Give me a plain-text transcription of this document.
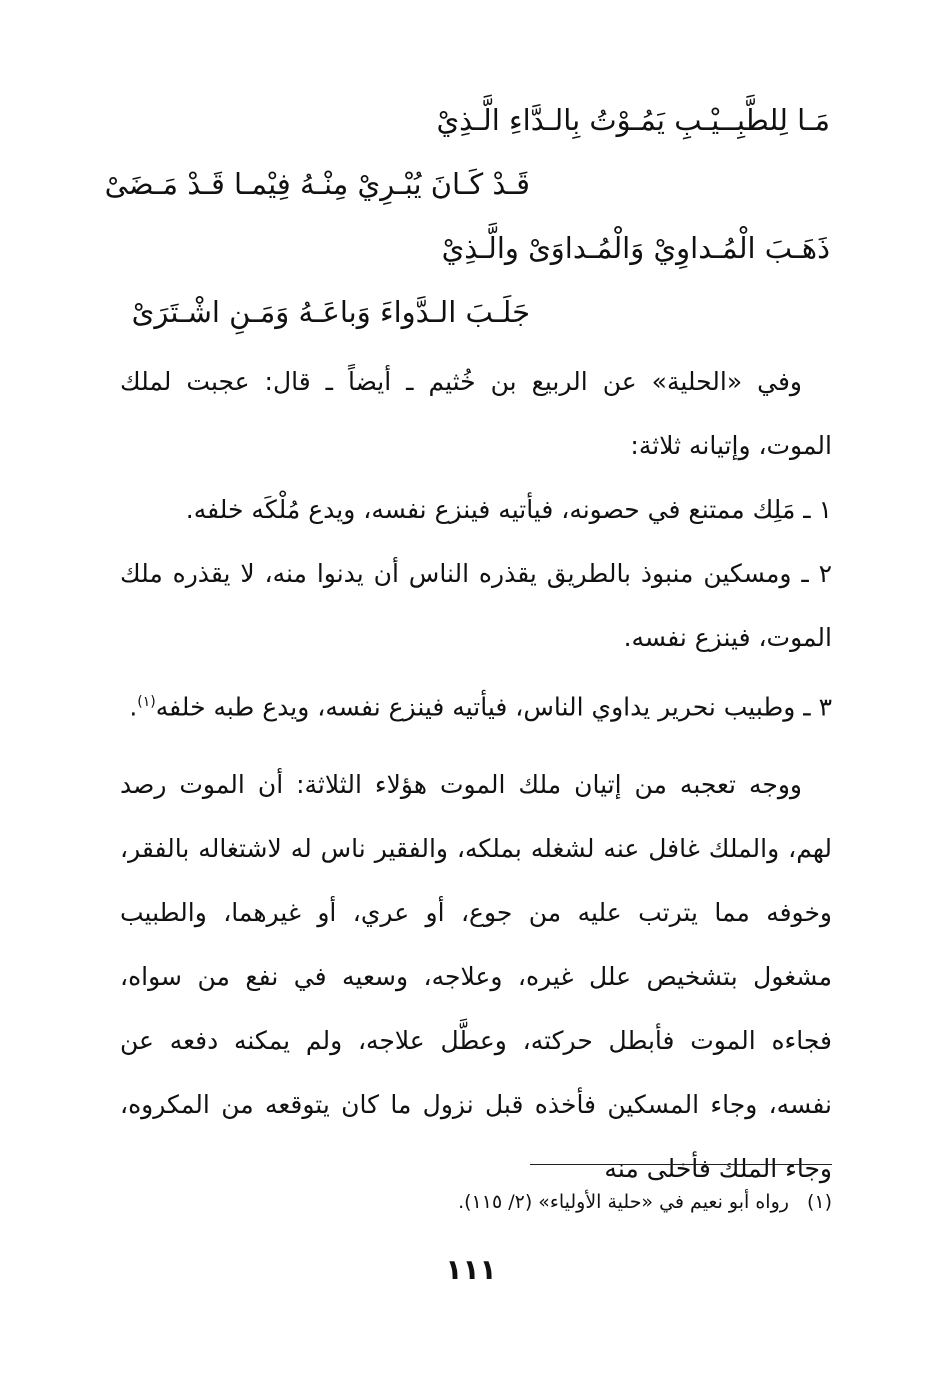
مَـا لِلطَّبِــيْـبِ يَمُـوْتُ بِالـدَّاءِ الَّـذِيْ
قَـدْ كَـانَ يُبْـرِيْ مِنْـهُ فِيْمـا قَـدْ مَـضَىْ
ذَهَـبَ الْمُـداوِيْ وَالْمُـداوَىْ والَّـذِيْ
جَلَـبَ الـدَّواءَ وَباعَـهُ وَمَـنِ اشْـتَرَىْ

وفي «الحلية» عن الربيع بن خُثيم ـ أيضاً ـ قال: عجبت لملك الموت، وإتيانه ثلاثة:

١ ـ مَلِك ممتنع في حصونه، فيأتيه فينزع نفسه، ويدع مُلْكَه خلفه.

٢ ـ ومسكين منبوذ بالطريق يقذره الناس أن يدنوا منه، لا يقذره ملك الموت، فينزع نفسه.

٣ ـ وطبيب نحرير يداوي الناس، فيأتيه فينزع نفسه، ويدع طبه خلفه$^{(١)}$.

ووجه تعجبه من إتيان ملك الموت هؤلاء الثلاثة: أن الموت رصد لهم، والملك غافل عنه لشغله بملكه، والفقير ناس له لاشتغاله بالفقر، وخوفه مما يترتب عليه من جوع، أو عري، أو غيرهما، والطبيب مشغول بتشخيص علل غيره، وعلاجه، وسعيه في نفع من سواه، فجاءه الموت فأبطل حركته، وعطَّل علاجه، ولم يمكنه دفعه عن نفسه، وجاء المسكين فأخذه قبل نزول ما كان يتوقعه من المكروه، وجاء الملك فأخلى منه

(١)رواه أبو نعيم في «حلية الأولياء» (٢/ ١١٥).
١١١
